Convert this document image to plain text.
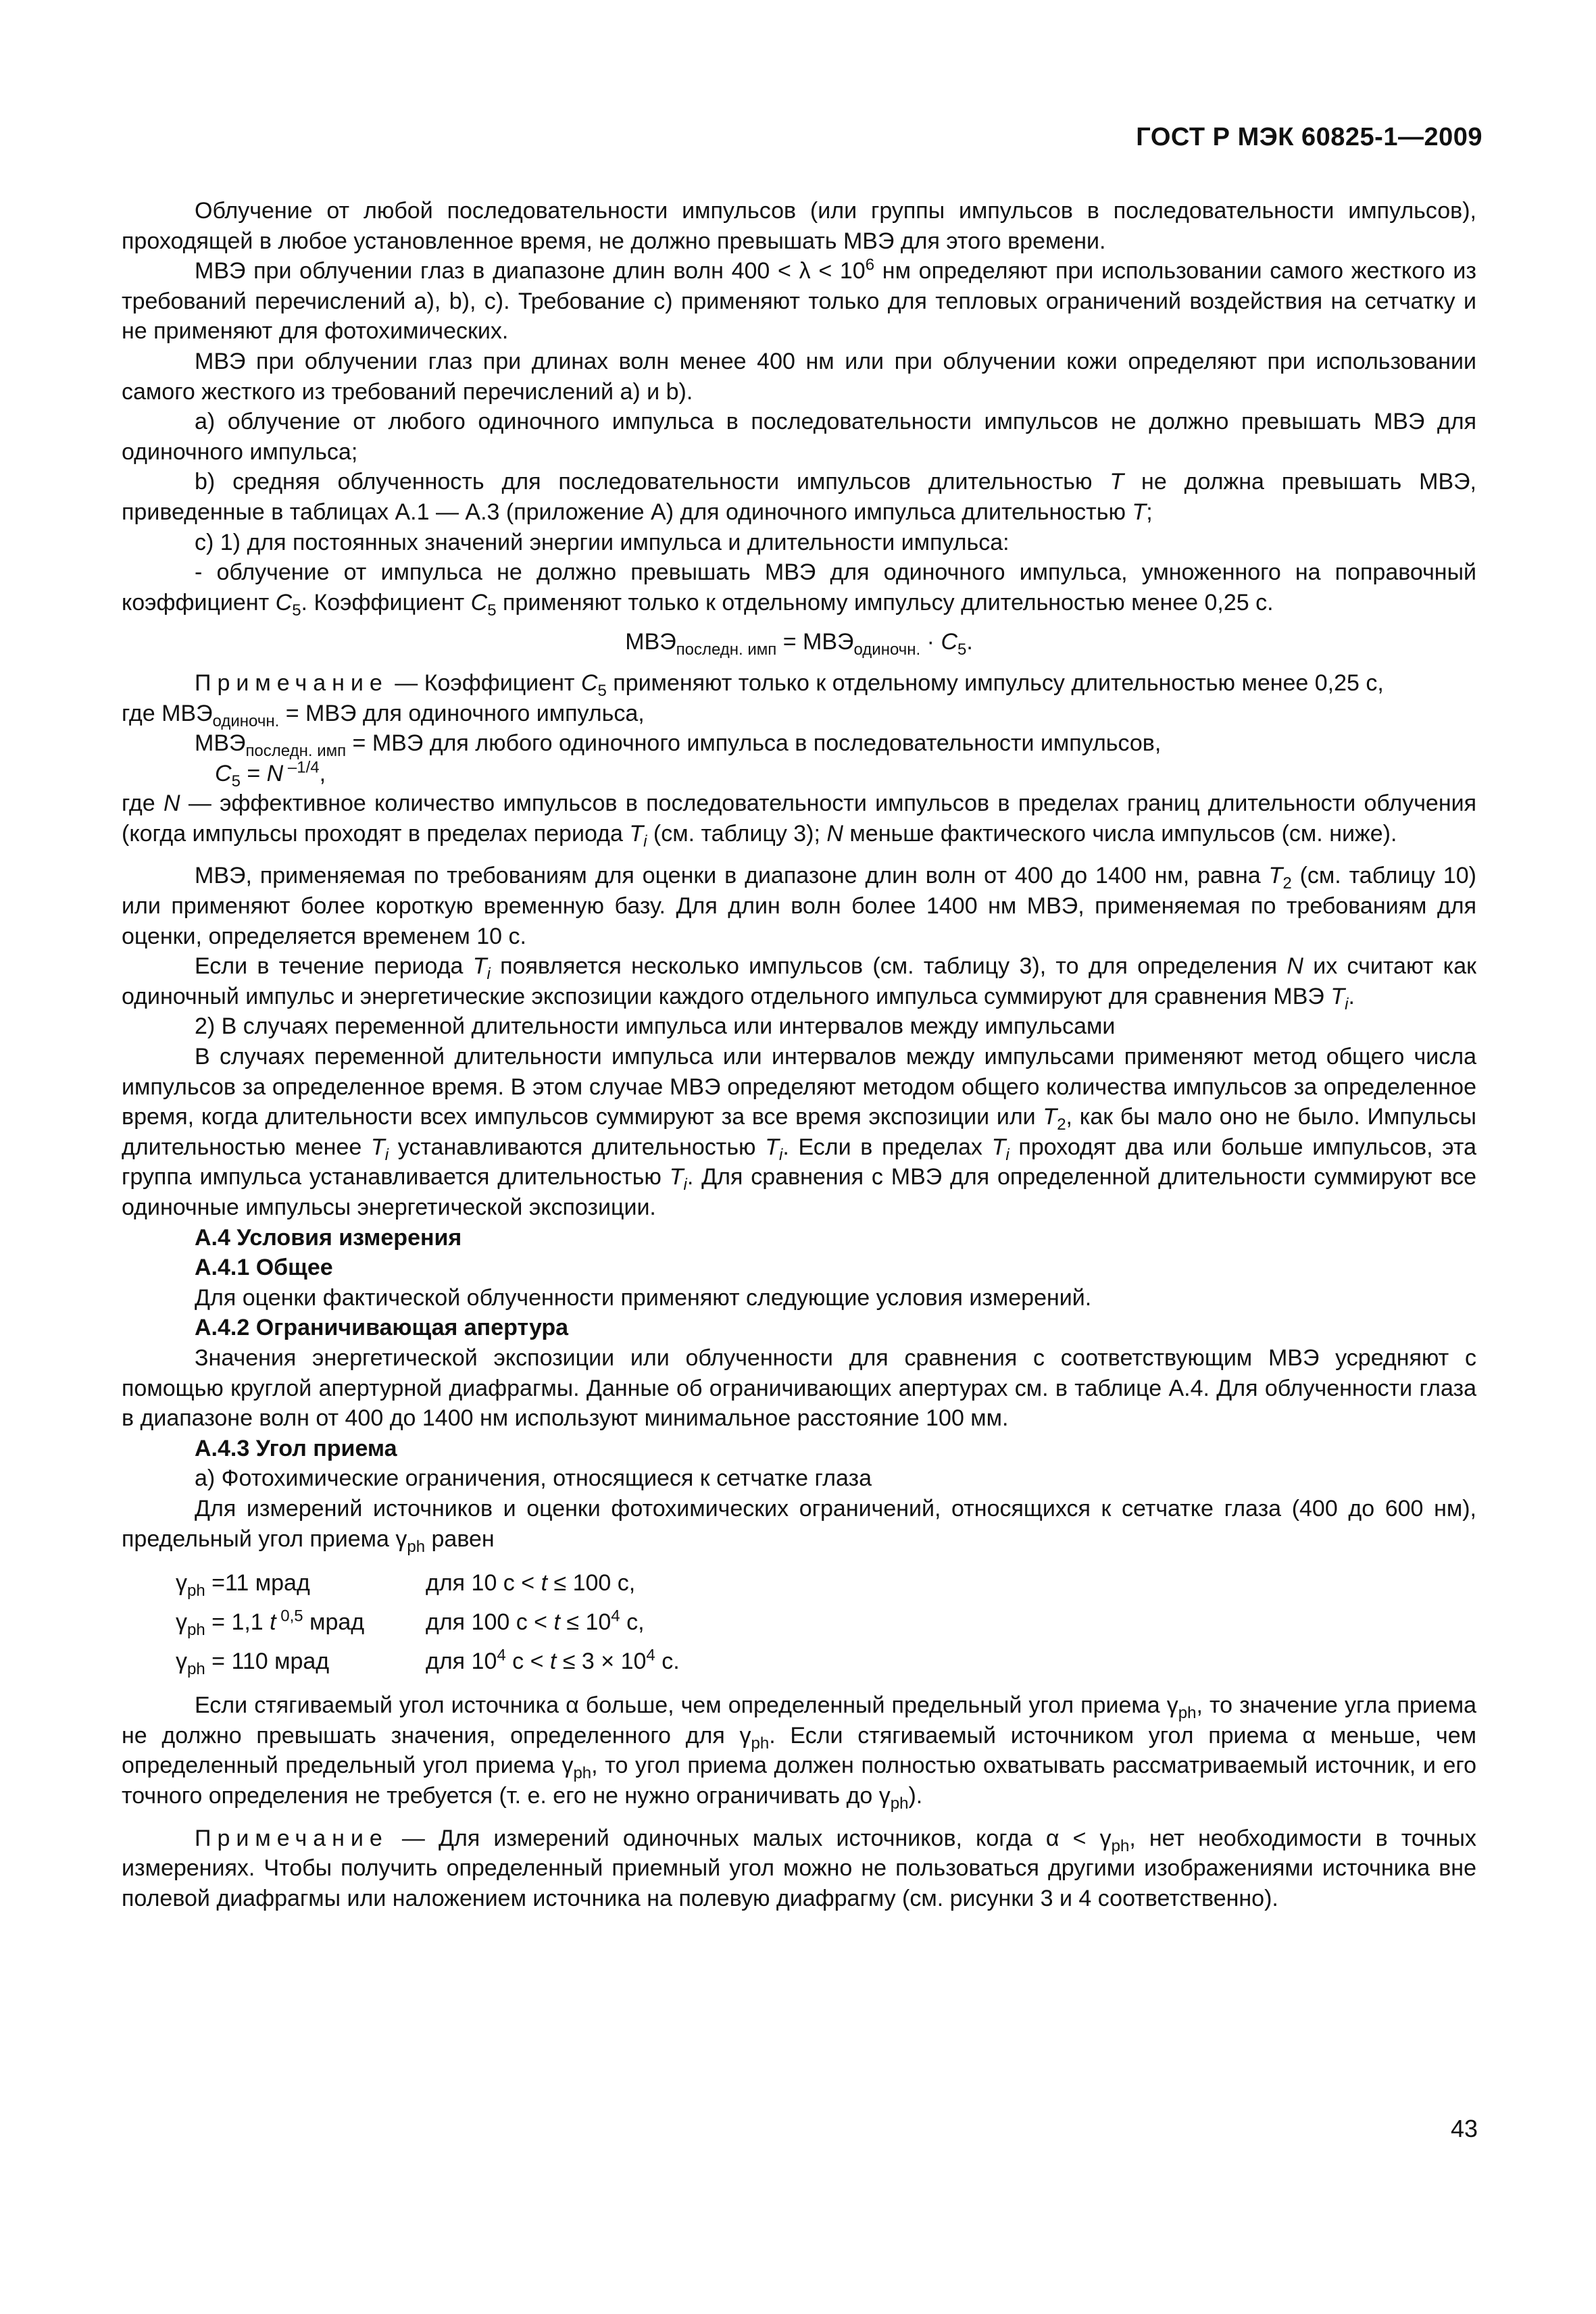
ГОСТ Р МЭК 60825-1—2009

Облучение от любой последовательности импульсов (или группы импульсов в последовательности импульсов), проходящей в любое установленное время, не должно превышать МВЭ для этого времени.

МВЭ при облучении глаз в диапазоне длин волн $400 < \lambda < 10^6$ нм определяют при использовании самого жесткого из требований перечислений а), b), с). Требование с) применяют только для тепловых ограничений воздействия на сетчатку и не применяют для фотохимических.

МВЭ при облучении глаз при длинах волн менее 400 нм или при облучении кожи определяют при использовании самого жесткого из требований перечислений а) и b).

а) облучение от любого одиночного импульса в последовательности импульсов не должно превышать МВЭ для одиночного импульса;

b) средняя облученность для последовательности импульсов длительностью T не должна превышать МВЭ, приведенные в таблицах А.1 — А.3 (приложение А) для одиночного импульса длительностью T;

с) 1) для постоянных значений энергии импульса и длительности импульса:

- облучение от импульса не должно превышать МВЭ для одиночного импульса, умноженного на поправочный коэффициент $C_5$. Коэффициент $C_5$ применяют только к отдельному импульсу длительностью менее 0,25 с.

$МВЭ_{последн. имп} = МВЭ_{одиночн.} \cdot C_5$.

Примечание — Коэффициент $C_5$ применяют только к отдельному импульсу длительностью менее 0,25 с,

где $МВЭ_{одиночн.}$ = МВЭ для одиночного импульса,

$МВЭ_{последн. имп}$ = МВЭ для любого одиночного импульса в последовательности импульсов,

$C_5 = N$ $^{-1/4}$,

где N — эффективное количество импульсов в последовательности импульсов в пределах границ длительности облучения (когда импульсы проходят в пределах периода $T_i$ (см. таблицу 3); N меньше фактического числа импульсов (см. ниже).

МВЭ, применяемая по требованиям для оценки в диапазоне длин волн от 400 до 1400 нм, равна $T_2$ (см. таблицу 10) или применяют более короткую временную базу. Для длин волн более 1400 нм МВЭ, применяемая по требованиям для оценки, определяется временем 10 с.

Если в течение периода $T_i$ появляется несколько импульсов (см. таблицу 3), то для определения N их считают как одиночный импульс и энергетические экспозиции каждого отдельного импульса суммируют для сравнения МВЭ $T_i$.

2) В случаях переменной длительности импульса или интервалов между импульсами

В случаях переменной длительности импульса или интервалов между импульсами применяют метод общего числа импульсов за определенное время. В этом случае МВЭ определяют методом общего количества импульсов за определенное время, когда длительности всех импульсов суммируют за все время экспозиции или $T_2$, как бы мало оно не было. Импульсы длительностью менее $T_i$ устанавливаются длительностью $T_i$. Если в пределах $T_i$ проходят два или больше импульсов, эта группа импульса устанавливается длительностью $T_i$. Для сравнения с МВЭ для определенной длительности суммируют все одиночные импульсы энергетической экспозиции.

А.4 Условия измерения

А.4.1 Общее

Для оценки фактической облученности применяют следующие условия измерений.

А.4.2 Ограничивающая апертура

Значения энергетической экспозиции или облученности для сравнения с соответствующим МВЭ усредняют с помощью круглой апертурной диафрагмы. Данные об ограничивающих апертурах см. в таблице А.4. Для облученности глаза в диапазоне волн от 400 до 1400 нм используют минимальное расстояние 100 мм.

А.4.3 Угол приема

а) Фотохимические ограничения, относящиеся к сетчатке глаза

Для измерений источников и оценки фотохимических ограничений, относящихся к сетчатке глаза (400 до 600 нм), предельный угол приема $\gamma_{ph}$ равен

$\gamma_{ph} =11$ мрад	для 10 с < t ≤ 100 с,
$\gamma_{ph} = 1,1$ t $^{0,5}$ мрад	для 100 $с < t \le 10^4$ с,
$\gamma_{ph} = 110$ мрад	для $10^4$ $с < t \le 3 \times 10^4$ с.

Если стягиваемый угол источника α больше, чем определенный предельный угол приема $\gamma_{ph}$, то значение угла приема не должно превышать значения, определенного для $\gamma_{ph}$. Если стягиваемый источником угол приема α меньше, чем определенный предельный угол приема $\gamma_{ph}$, то угол приема должен полностью охватывать рассматриваемый источник, и его точного определения не требуется (т. е. его не нужно ограничивать до $\gamma_{ph}$).

Примечание — Для измерений одиночных малых источников, когда $\alpha < \gamma_{ph}$, нет необходимости в точных измерениях. Чтобы получить определенный приемный угол можно не пользоваться другими изображениями источника вне полевой диафрагмы или наложением источника на полевую диафрагму (см. рисунки 3 и 4 соответственно).

43
